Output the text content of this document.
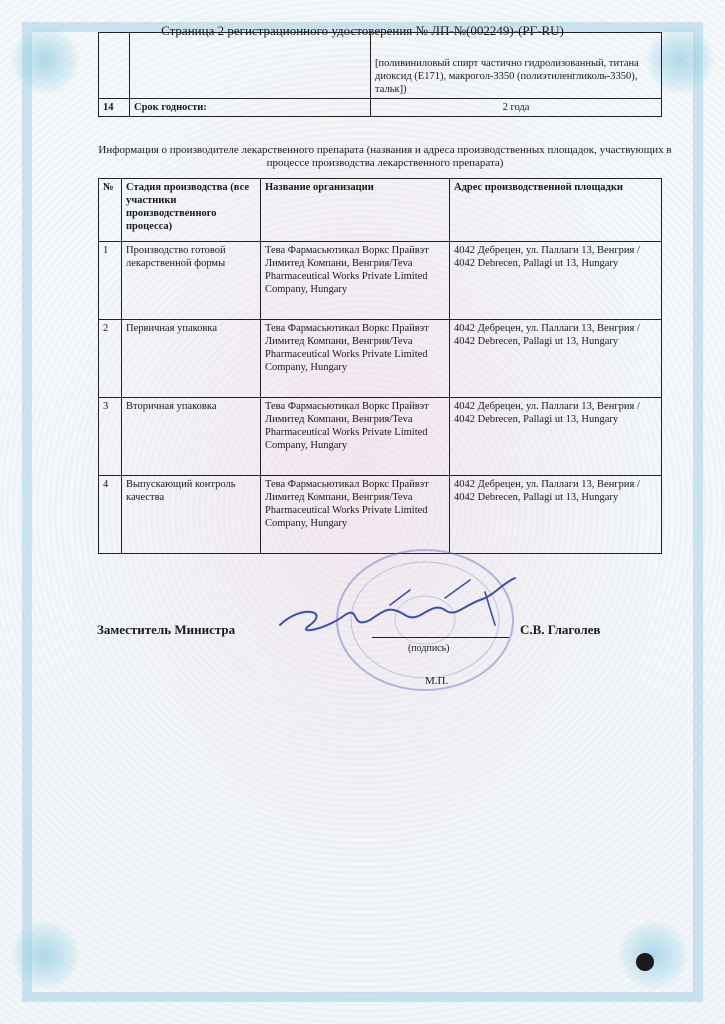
Страница 2 регистрационного удостоверения № ЛП-№(002249)-(РГ-RU)
		[поливиниловый спирт частично гидролизованный, титана диоксид (E171), макрогол-3350 (полиэтиленгликоль-3350), тальк])
14	Срок годности:	2 года
Информация о производителе лекарственного препарата (названия и адреса производственных площадок, участвующих в процессе производства лекарственного препарата)
№	Стадия производства (все участники производственного процесса)	Название организации	Адрес производственной площадки
1	Производство готовой лекарственной формы	Тева Фармасьютикал Воркс Прайвэт Лимитед Компани, Венгрия/Teva Pharmaceutical Works Private Limited Company, Hungary	4042 Дебрецен, ул. Паллаги 13, Венгрия / 4042 Debrecen, Pallagi ut 13, Hungary
2	Первичная упаковка	Тева Фармасьютикал Воркс Прайвэт Лимитед Компани, Венгрия/Teva Pharmaceutical Works Private Limited Company, Hungary	4042 Дебрецен, ул. Паллаги 13, Венгрия / 4042 Debrecen, Pallagi ut 13, Hungary
3	Вторичная упаковка	Тева Фармасьютикал Воркс Прайвэт Лимитед Компани, Венгрия/Teva Pharmaceutical Works Private Limited Company, Hungary	4042 Дебрецен, ул. Паллаги 13, Венгрия / 4042 Debrecen, Pallagi ut 13, Hungary
4	Выпускающий контроль качества	Тева Фармасьютикал Воркс Прайвэт Лимитед Компани, Венгрия/Teva Pharmaceutical Works Private Limited Company, Hungary	4042 Дебрецен, ул. Паллаги 13, Венгрия / 4042 Debrecen, Pallagi ut 13, Hungary
Заместитель Министра	С.В. Глаголев
(подпись)
М.П.
